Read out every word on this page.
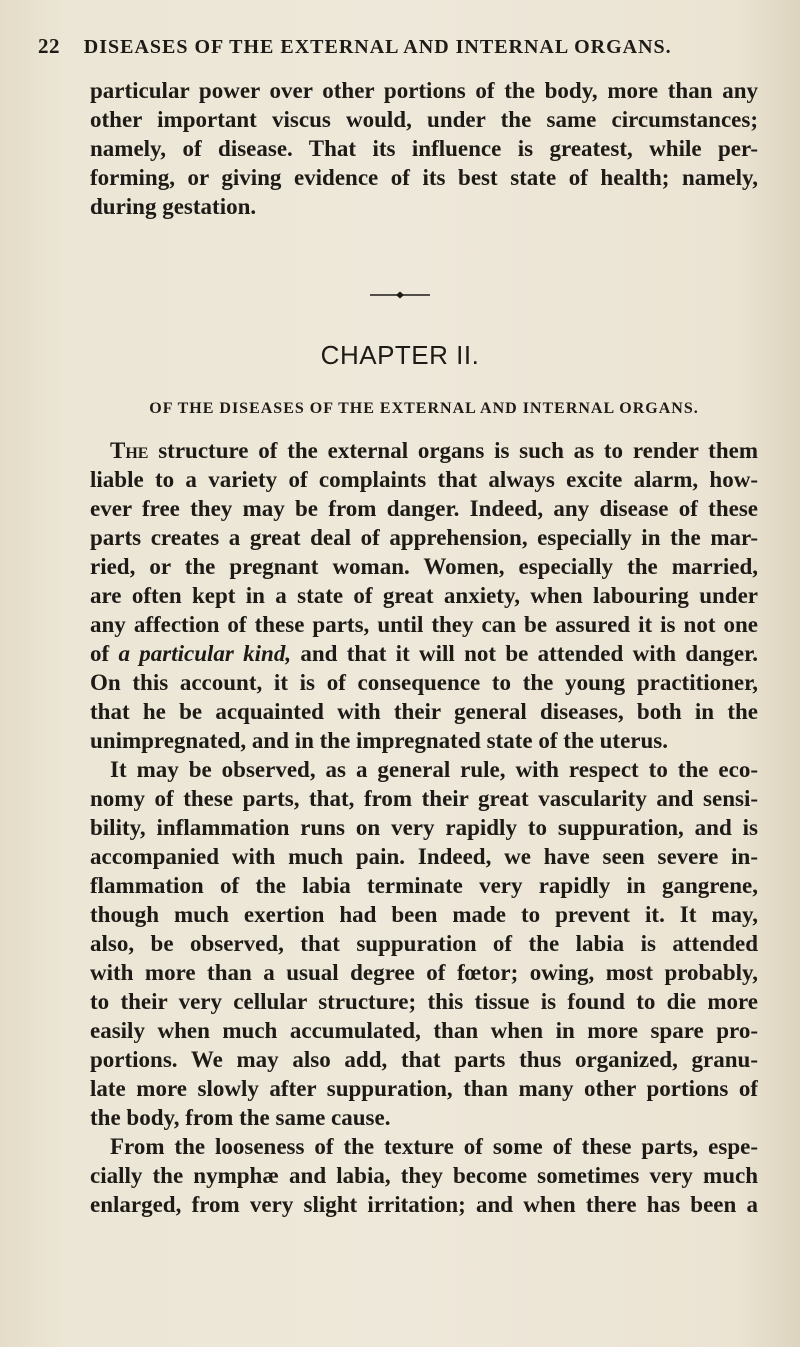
22 DISEASES OF THE EXTERNAL AND INTERNAL ORGANS.
particular power over other portions of the body, more than any
other important viscus would, under the same circumstances;
namely, of disease. That its influence is greatest, while per-
forming, or giving evidence of its best state of health; namely,
during gestation.
CHAPTER II.
OF THE DISEASES OF THE EXTERNAL AND INTERNAL ORGANS.
The structure of the external organs is such as to render them
liable to a variety of complaints that always excite alarm, how-
ever free they may be from danger. Indeed, any disease of these
parts creates a great deal of apprehension, especially in the mar-
ried, or the pregnant woman. Women, especially the married,
are often kept in a state of great anxiety, when labouring under
any affection of these parts, until they can be assured it is not one
of a particular kind, and that it will not be attended with danger.
On this account, it is of consequence to the young practitioner,
that he be acquainted with their general diseases, both in the
unimpregnated, and in the impregnated state of the uterus.
It may be observed, as a general rule, with respect to the eco-
nomy of these parts, that, from their great vascularity and sensi-
bility, inflammation runs on very rapidly to suppuration, and is
accompanied with much pain. Indeed, we have seen severe in-
flammation of the labia terminate very rapidly in gangrene,
though much exertion had been made to prevent it. It may,
also, be observed, that suppuration of the labia is attended
with more than a usual degree of fœtor; owing, most probably,
to their very cellular structure; this tissue is found to die more
easily when much accumulated, than when in more spare pro-
portions. We may also add, that parts thus organized, granu-
late more slowly after suppuration, than many other portions of
the body, from the same cause.
From the looseness of the texture of some of these parts, espe-
cially the nymphæ and labia, they become sometimes very much
enlarged, from very slight irritation; and when there has been a
